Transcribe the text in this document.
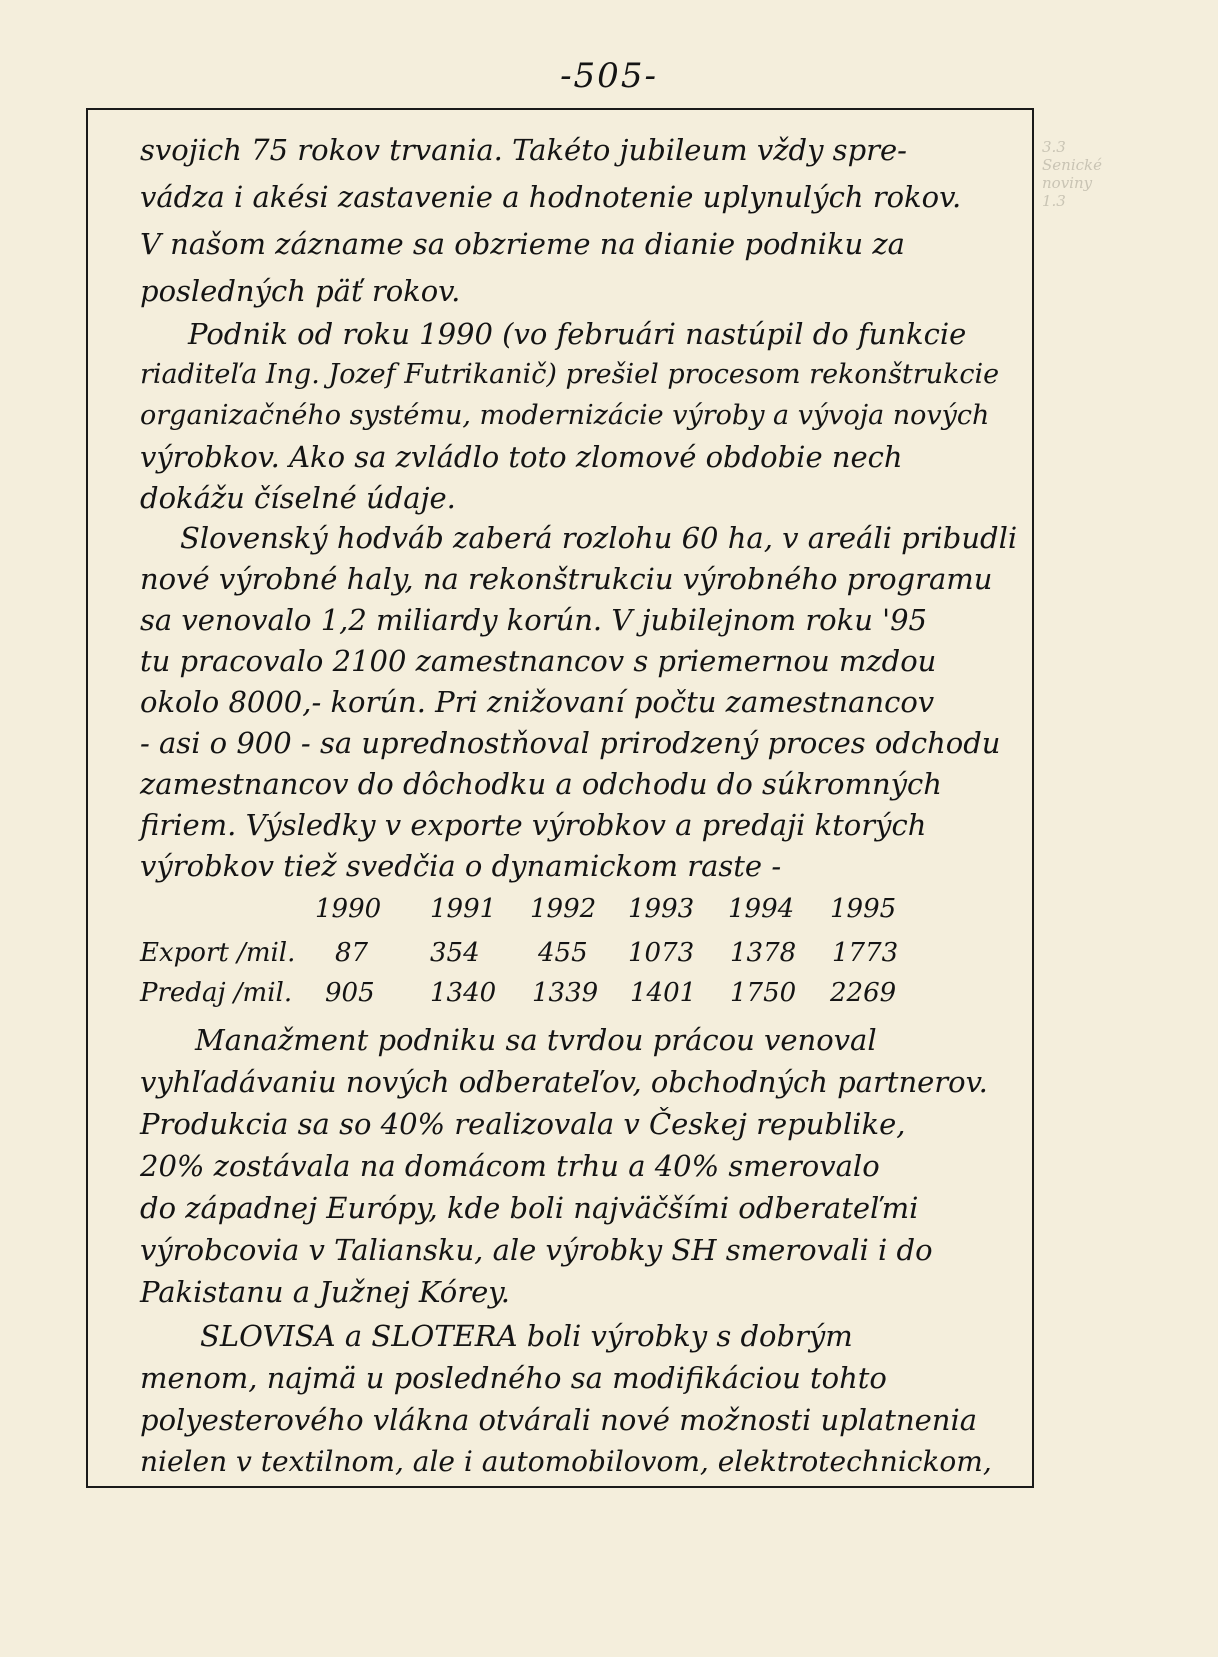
-505-
3.3
Senické
noviny
1.3
svojich 75 rokov trvania. Takéto jubileum vždy spre-
vádza i akési zastavenie a hodnotenie uplynulých rokov.
V našom zázname sa obzrieme na dianie podniku za
posledných päť rokov.
Podnik od roku 1990 (vo februári nastúpil do funkcie
riaditeľa Ing. Jozef Futrikanič) prešiel procesom rekonštrukcie
organizačného systému, modernizácie výroby a vývoja nových
výrobkov. Ako sa zvládlo toto zlomové obdobie nech
dokážu číselné údaje.
Slovenský hodváb zaberá rozlohu 60 ha, v areáli pribudli
nové výrobné haly, na rekonštrukciu výrobného programu
sa venovalo 1,2 miliardy korún. V jubilejnom roku '95
tu pracovalo 2100 zamestnancov s priemernou mzdou
okolo 8000,- korún. Pri znižovaní počtu zamestnancov
- asi o 900 - sa uprednostňoval prirodzený proces odchodu
zamestnancov do dôchodku a odchodu do súkromných
firiem. Výsledky v exporte výrobkov a predaji ktorých
výrobkov tiež svedčia o dynamickom raste -
1990 1991 1992 1993 1994 1995
Export /mil. 87 354 455 1073 1378 1773
Predaj /mil. 905 1340 1339 1401 1750 2269
Manažment podniku sa tvrdou prácou venoval
vyhľadávaniu nových odberateľov, obchodných partnerov.
Produkcia sa so 40% realizovala v Českej republike,
20% zostávala na domácom trhu a 40% smerovalo
do západnej Európy, kde boli najväčšími odberateľmi
výrobcovia v Taliansku, ale výrobky SH smerovali i do
Pakistanu a Južnej Kórey.
SLOVISA a SLOTERA boli výrobky s dobrým
menom, najmä u posledného sa modifikáciou tohto
polyesterového vlákna otvárali nové možnosti uplatnenia
nielen v textilnom, ale i automobilovom, elektrotechnickom,
